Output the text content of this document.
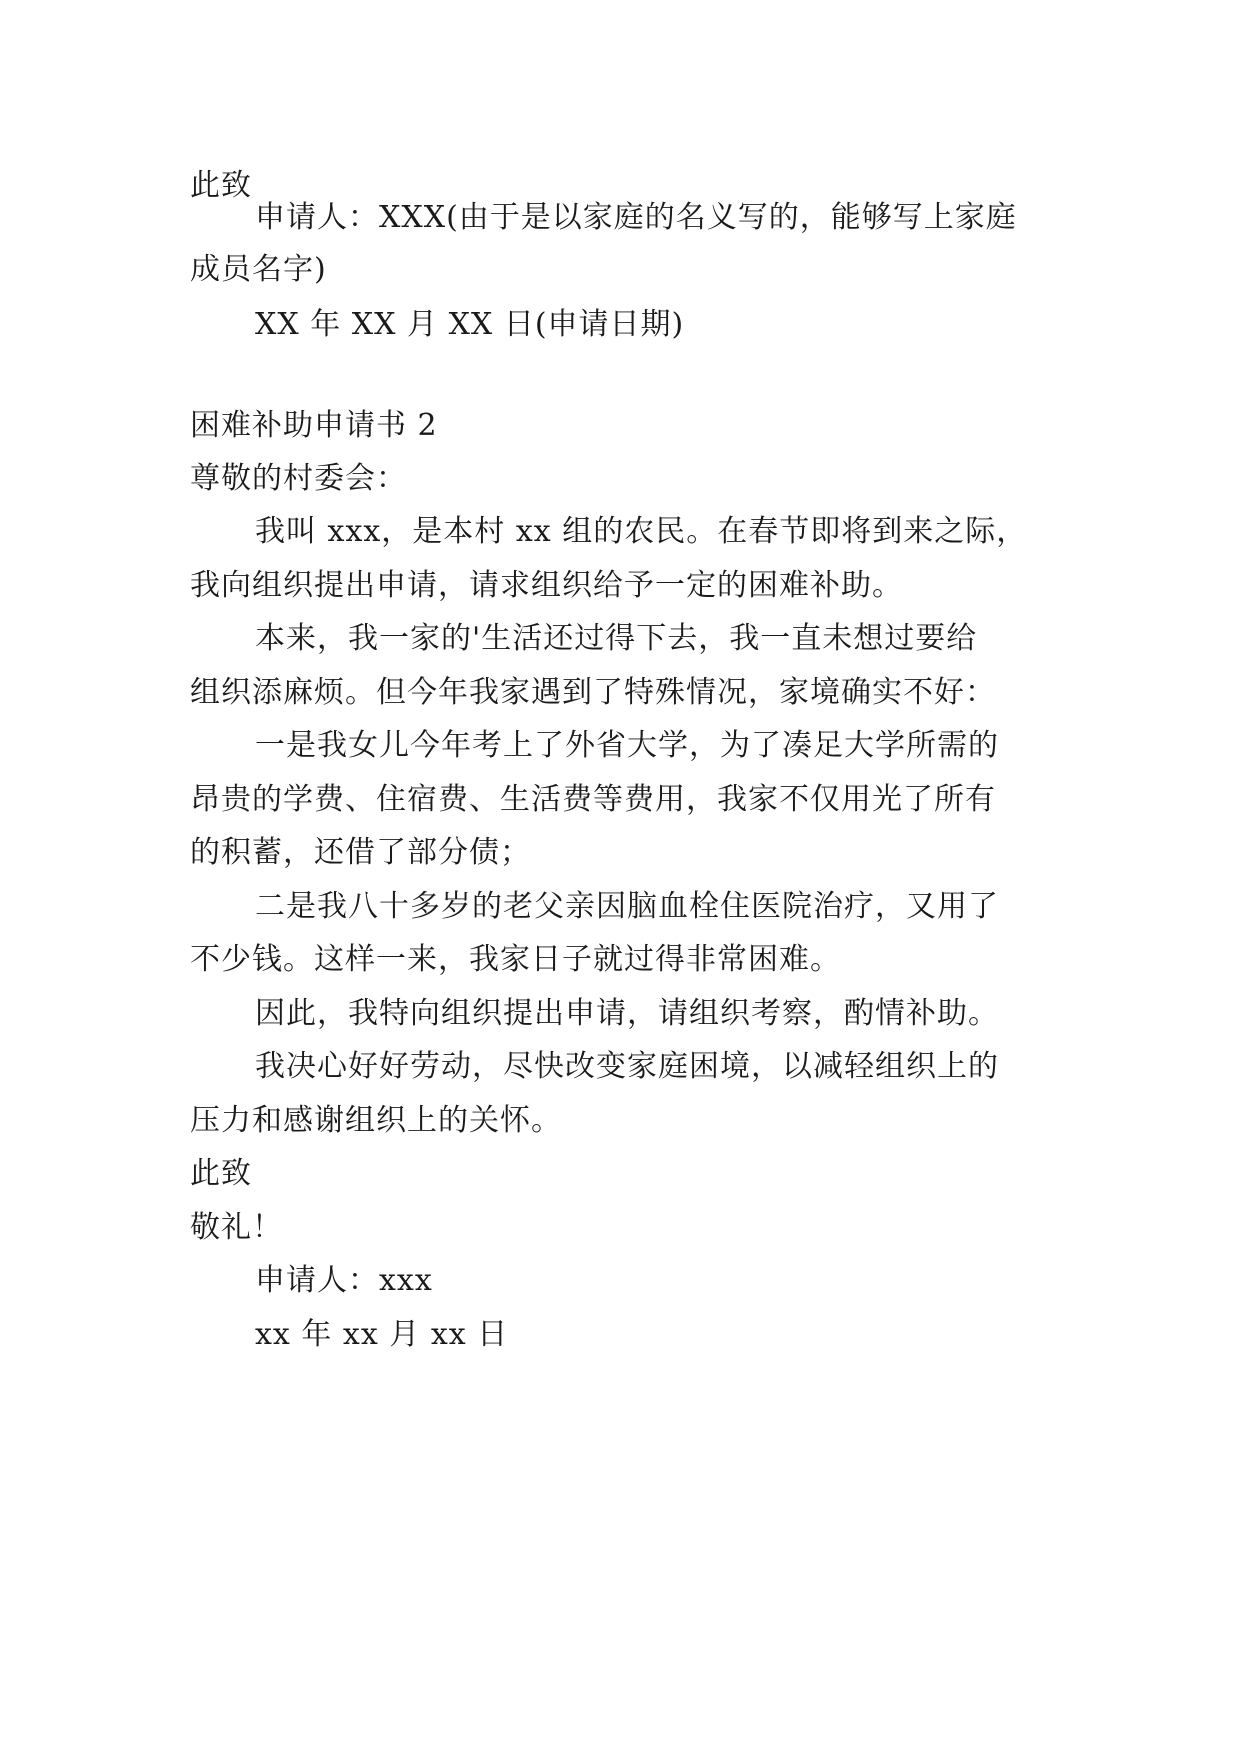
此致
申请人：XXX(由于是以家庭的名义写的，能够写上家庭
成员名字)
XX 年 XX 月 XX 日(申请日期)
困难补助申请书 2
尊敬的村委会：
我叫 xxx，是本村 xx 组的农民。在春节即将到来之际，
我向组织提出申请，请求组织给予一定的困难补助。
本来，我一家的'生活还过得下去，我一直未想过要给
组织添麻烦。但今年我家遇到了特殊情况，家境确实不好：
一是我女儿今年考上了外省大学，为了凑足大学所需的
昂贵的学费、住宿费、生活费等费用，我家不仅用光了所有
的积蓄，还借了部分债；
二是我八十多岁的老父亲因脑血栓住医院治疗，又用了
不少钱。这样一来，我家日子就过得非常困难。
因此，我特向组织提出申请，请组织考察，酌情补助。
我决心好好劳动，尽快改变家庭困境，以减轻组织上的
压力和感谢组织上的关怀。
此致
敬礼！
申请人：xxx
xx 年 xx 月 xx 日
